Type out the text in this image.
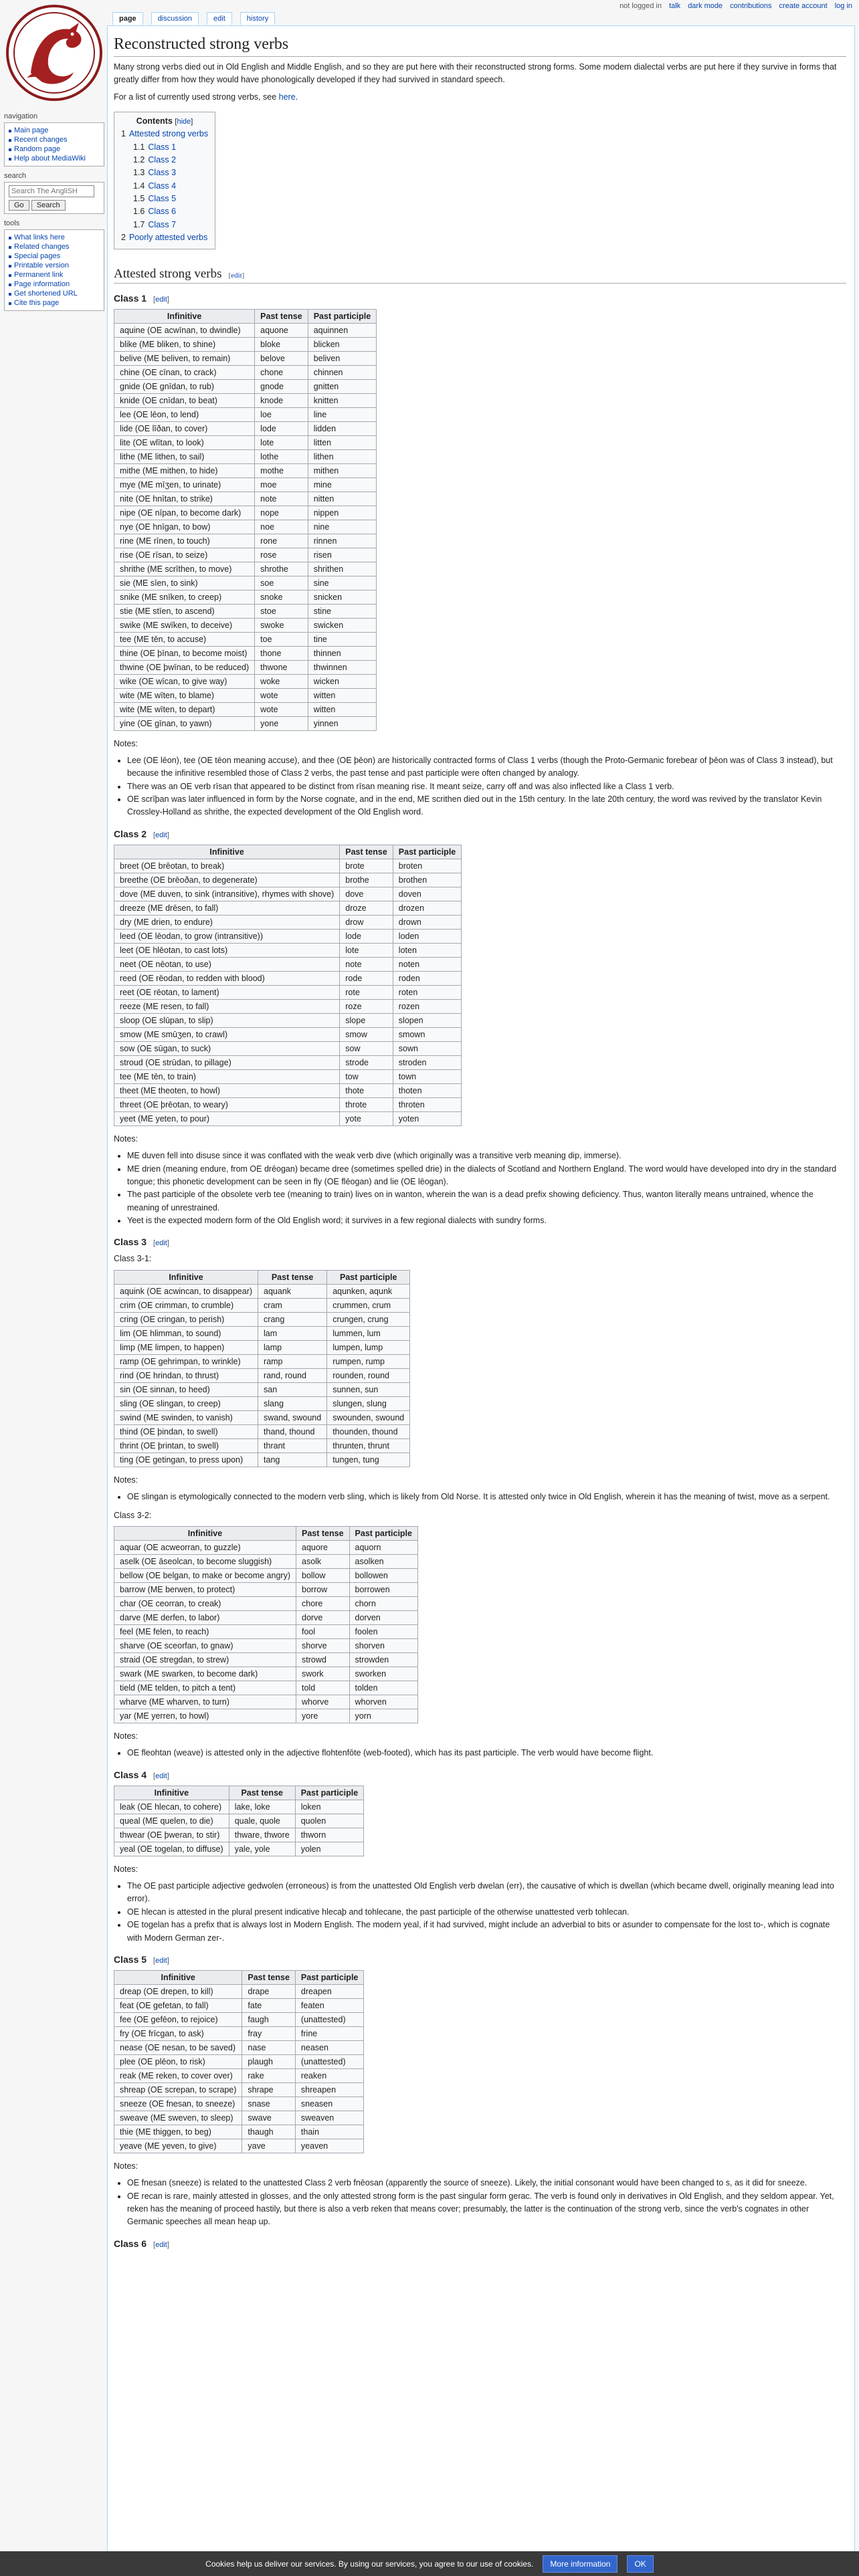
not logged in talk dark mode contributions create account log in
page	discussion	edit	history
navigation
Main page
Recent changes
Random page
Help about MediaWiki
search
Search The AngliSH
Go Search
tools
What links here
Related changes
Special pages
Printable version
Permanent link
Page information
Get shortened URL
Cite this page
Reconstructed strong verbs

Many strong verbs died out in Old English and Middle English, and so they are put here with their reconstructed strong forms. Some modern dialectal verbs are put here if they survive in forms that greatly differ from how they would have phonologically developed if they had survived in standard speech.

For a list of currently used strong verbs, see here.

Contents [hide]
1 Attested strong verbs
1.1 Class 1
1.2 Class 2
1.3 Class 3
1.4 Class 4
1.5 Class 5
1.6 Class 6
1.7 Class 7
2 Poorly attested verbs
Attested strong verbs [edit]
Class 1 [edit]
Infinitive	Past tense	Past participle
aquine (OE acwīnan, to dwindle)	aquone	aquinnen
blike (ME bliken, to shine)	bloke	blicken
belive (ME beliven, to remain)	belove	beliven
chine (OE cīnan, to crack)	chone	chinnen
gnide (OE gnīdan, to rub)	gnode	gnitten
knide (OE cnīdan, to beat)	knode	knitten
lee (OE lēon, to lend)	loe	line
lide (OE līðan, to cover)	lode	lidden
lite (OE wlītan, to look)	lote	litten
lithe (ME lithen, to sail)	lothe	lithen
mithe (ME mithen, to hide)	mothe	mithen
mye (ME mīʒen, to urinate)	moe	mine
nite (OE hnītan, to strike)	note	nitten
nipe (OE nīpan, to become dark)	nope	nippen
nye (OE hnīgan, to bow)	noe	nine
rine (ME rīnen, to touch)	rone	rinnen
rise (OE rīsan, to seize)	rose	risen
shrithe (ME scrīthen, to move)	shrothe	shrithen
sie (ME sīen, to sink)	soe	sine
snike (ME snīken, to creep)	snoke	snicken
stie (ME stīen, to ascend)	stoe	stine
swike (ME swīken, to deceive)	swoke	swicken
tee (ME tēn, to accuse)	toe	tine
thine (OE þīnan, to become moist)	thone	thinnen
thwine (OE þwīnan, to be reduced)	thwone	thwinnen
wike (OE wīcan, to give way)	woke	wicken
wite (ME wīten, to blame)	wote	witten
wite (ME wīten, to depart)	wote	witten
yine (OE gīnan, to yawn)	yone	yinnen

Notes:

• Lee (OE lēon), tee (OE tēon meaning accuse), and thee (OE þēon) are historically contracted forms of Class 1 verbs (though the Proto-Germanic forebear of þēon was of Class 3 instead), but because the infinitive resembled those of Class 2 verbs, the past tense and past participle were often changed by analogy.
• There was an OE verb rīsan that appeared to be distinct from rīsan meaning rise. It meant seize, carry off and was also inflected like a Class 1 verb.
• OE scrīþan was later influenced in form by the Norse cognate, and in the end, ME scrithen died out in the 15th century. In the late 20th century, the word was revived by the translator Kevin Crossley-Holland as shrithe, the expected development of the Old English word.
Class 2 [edit]
Infinitive	Past tense	Past participle
breet (OE brēotan, to break)	brote	broten
breethe (OE brēoðan, to degenerate)	brothe	brothen
dove (ME duven, to sink (intransitive), rhymes with shove)	dove	doven
dreeze (ME drēsen, to fall)	droze	drozen
dry (ME drien, to endure)	drow	drown
leed (OE lēodan, to grow (intransitive))	lode	loden
leet (OE hlēotan, to cast lots)	lote	loten
neet (OE nēotan, to use)	note	noten
reed (OE rēodan, to redden with blood)	rode	roden
reet (OE rēotan, to lament)	rote	roten
reeze (ME resen, to fall)	roze	rozen
sloop (OE slūpan, to slip)	slope	slopen
smow (ME smūʒen, to crawl)	smow	smown
sow (OE sūgan, to suck)	sow	sown
stroud (OE strūdan, to pillage)	strode	stroden
tee (ME tēn, to train)	tow	town
theet (ME theoten, to howl)	thote	thoten
threet (OE þrēotan, to weary)	throte	throten
yeet (ME yeten, to pour)	yote	yoten

Notes:

• ME duven fell into disuse since it was conflated with the weak verb dive (which originally was a transitive verb meaning dip, immerse).
• ME drien (meaning endure, from OE drēogan) became dree (sometimes spelled drie) in the dialects of Scotland and Northern England. The word would have developed into dry in the standard tongue; this phonetic development can be seen in fly (OE flēogan) and lie (OE lēogan).
• The past participle of the obsolete verb tee (meaning to train) lives on in wanton, wherein the wan is a dead prefix showing deficiency. Thus, wanton literally means untrained, whence the meaning of unrestrained.
• Yeet is the expected modern form of the Old English word; it survives in a few regional dialects with sundry forms.
Class 3 [edit]

Class 3-1:

Infinitive	Past tense	Past participle
aquink (OE acwincan, to disappear)	aquank	aqunken, aqunk
crim (OE crimman, to crumble)	cram	crummen, crum
cring (OE cringan, to perish)	crang	crungen, crung
lim (OE hlimman, to sound)	lam	lummen, lum
limp (ME limpen, to happen)	lamp	lumpen, lump
ramp (OE gehrimpan, to wrinkle)	ramp	rumpen, rump
rind (OE hrindan, to thrust)	rand, round	rounden, round
sin (OE sinnan, to heed)	san	sunnen, sun
sling (OE slingan, to creep)	slang	slungen, slung
swind (ME swinden, to vanish)	swand, swound	swounden, swound
thind (OE þindan, to swell)	thand, thound	thounden, thound
thrint (OE þrintan, to swell)	thrant	thrunten, thrunt
ting (OE getingan, to press upon)	tang	tungen, tung

Notes:

• OE slingan is etymologically connected to the modern verb sling, which is likely from Old Norse. It is attested only twice in Old English, wherein it has the meaning of twist, move as a serpent.

Class 3-2:

Infinitive	Past tense	Past participle
aquar (OE acweorran, to guzzle)	aquore	aquorn
aselk (OE āseolcan, to become sluggish)	asolk	asolken
bellow (OE belgan, to make or become angry)	bollow	bollowen
barrow (ME berwen, to protect)	borrow	borrowen
char (OE ceorran, to creak)	chore	chorn
darve (ME derfen, to labor)	dorve	dorven
feel (ME felen, to reach)	fool	foolen
sharve (OE sceorfan, to gnaw)	shorve	shorven
straid (OE stregdan, to strew)	strowd	strowden
swark (ME swarken, to become dark)	swork	sworken
tield (ME telden, to pitch a tent)	told	tolden
wharve (ME wharven, to turn)	whorve	whorven
yar (ME yerren, to howl)	yore	yorn

Notes:

• OE fleohtan (weave) is attested only in the adjective flohtenfōte (web-footed), which has its past participle. The verb would have become flight.
Class 4 [edit]
Infinitive	Past tense	Past participle
leak (OE hlecan, to cohere)	lake, loke	loken
queal (ME quelen, to die)	quale, quole	quolen
thwear (OE þweran, to stir)	thware, thwore	thworn
yeal (OE togelan, to diffuse)	yale, yole	yolen

Notes:

• The OE past participle adjective gedwolen (erroneous) is from the unattested Old English verb dwelan (err), the causative of which is dwellan (which became dwell, originally meaning lead into error).
• OE hlecan is attested in the plural present indicative hlecaþ and tohlecane, the past participle of the otherwise unattested verb tohlecan.
• OE togelan has a prefix that is always lost in Modern English. The modern yeal, if it had survived, might include an adverbial to bits or asunder to compensate for the lost to-, which is cognate with Modern German zer-.
Class 5 [edit]
Infinitive	Past tense	Past participle
dreap (OE drepen, to kill)	drape	dreapen
feat (OE gefetan, to fall)	fate	featen
fee (OE gefēon, to rejoice)	faugh	(unattested)
fry (OE frīcgan, to ask)	fray	frine
nease (OE nesan, to be saved)	nase	neasen
plee (OE plēon, to risk)	plaugh	(unattested)
reak (ME reken, to cover over)	rake	reaken
shreap (OE screpan, to scrape)	shrape	shreapen
sneeze (OE fnesan, to sneeze)	snase	sneasen
sweave (ME sweven, to sleep)	swave	sweaven
thie (ME thiggen, to beg)	thaugh	thain
yeave (ME yeven, to give)	yave	yeaven

Notes:

• OE fnesan (sneeze) is related to the unattested Class 2 verb fnēosan (apparently the source of sneeze). Likely, the initial consonant would have been changed to s, as it did for sneeze.
• OE recan is rare, mainly attested in glosses, and the only attested strong form is the past singular form gerac. The verb is found only in derivatives in Old English, and they seldom appear. Yet, reken has the meaning of proceed hastily, but there is also a verb reken that means cover; presumably, the latter is the continuation of the strong verb, since the verb's cognates in other Germanic speeches all mean heap up.
Class 6 [edit]
Cookies help us deliver our services. By using our services, you agree to our use of cookies.	More information	OK
